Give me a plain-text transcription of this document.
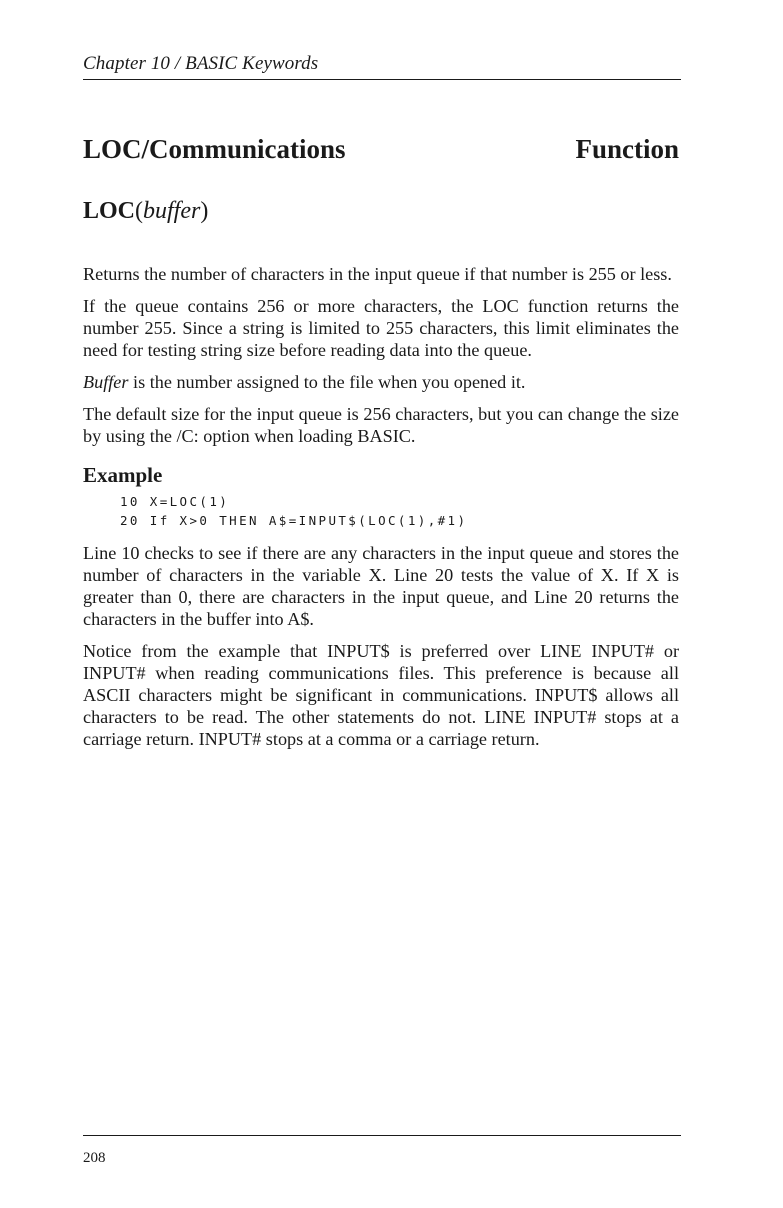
Chapter 10 / BASIC Keywords
LOC/Communications	Function
LOC(buffer)

Returns the number of characters in the input queue if that number is 255 or less.

If the queue contains 256 or more characters, the LOC function returns the number 255. Since a string is limited to 255 characters, this limit eliminates the need for testing string size before reading data into the queue.

Buffer is the number assigned to the file when you opened it.

The default size for the input queue is 256 characters, but you can change the size by using the /C: option when loading BASIC.

Example
10 X=LOC(1)
20 If X>0 THEN A$=INPUT$(LOC(1),#1)

Line 10 checks to see if there are any characters in the input queue and stores the number of characters in the variable X. Line 20 tests the value of X. If X is greater than 0, there are characters in the input queue, and Line 20 returns the characters in the buffer into A$.

Notice from the example that INPUT$ is preferred over LINE INPUT# or INPUT# when reading communications files. This preference is because all ASCII characters might be significant in communications. INPUT$ allows all characters to be read. The other statements do not. LINE INPUT# stops at a carriage return. INPUT# stops at a comma or a carriage return.

208
